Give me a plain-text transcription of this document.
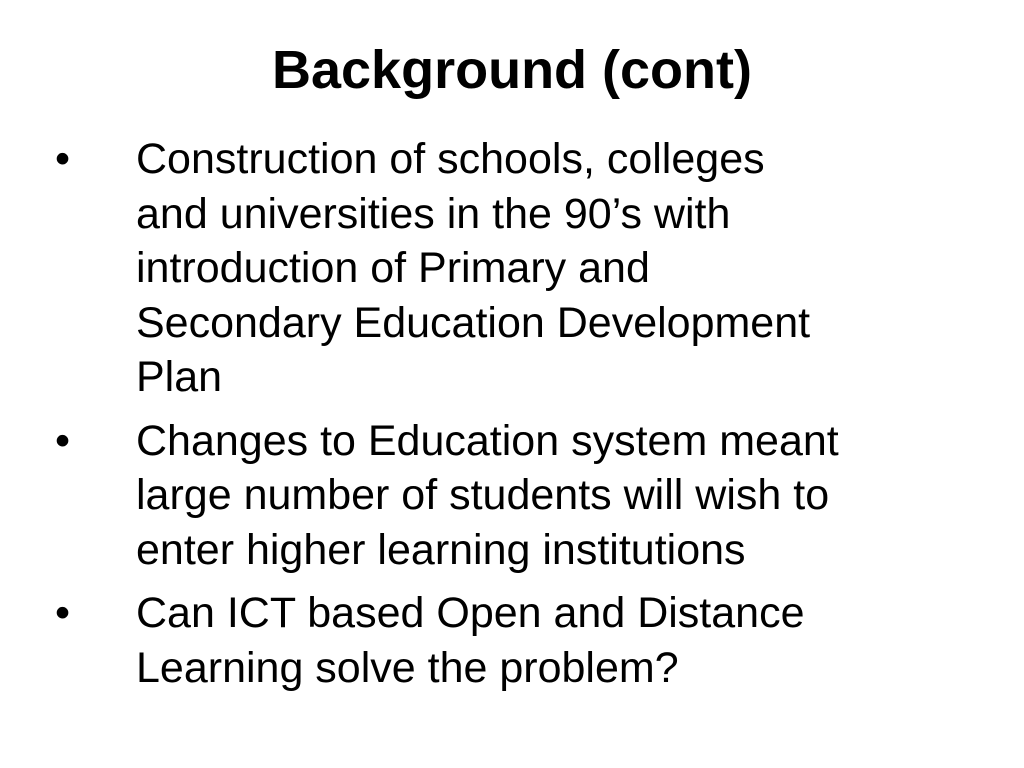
Background (cont)
•	Construction of schools, colleges
and universities in the 90’s with
introduction of Primary and
Secondary Education Development
Plan
•	Changes to Education system meant
large number of students will wish to
enter higher learning institutions
•	Can ICT based Open and Distance
Learning solve the problem?
